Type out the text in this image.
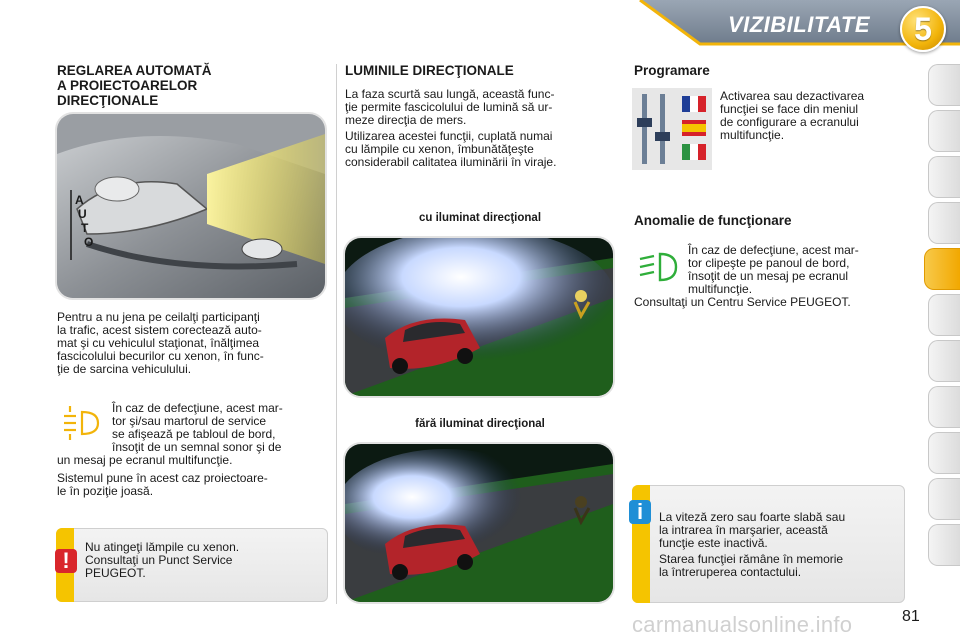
VIZIBILITATE	5
REGLAREA AUTOMATĂ
A PROIECTOARELOR
DIRECŢIONALE
A
U
T
O
Pentru a nu jena pe ceilalţi participanţi
la trafic, acest sistem corectează auto-
mat şi cu vehiculul staţionat, înălţimea
fascicolului becurilor cu xenon, în func-
ţie de sarcina vehiculului.
În caz de defecţiune, acest mar-
tor şi/sau martorul de service
se afişează pe tabloul de bord,
însoţit de un semnal sonor şi de
un mesaj pe ecranul multifuncţie.
Sistemul pune în acest caz proiectoare-
le în poziţie joasă.
!
Nu atingeţi lămpile cu xenon.
Consultaţi un Punct Service
PEUGEOT.
LUMINILE DIRECŢIONALE
La faza scurtă sau lungă, această func-
ţie permite fascicolului de lumină să ur-
meze direcţia de mers.
Utilizarea acestei funcţii, cuplată numai
cu lămpile cu xenon, îmbunătăţeşte
considerabil calitatea iluminării în viraje.
cu iluminat direcţional
fără iluminat direcţional
Programare
Activarea sau dezactivarea
funcţiei se face din meniul
de configurare a ecranului
multifuncţie.
Anomalie de funcţionare
În caz de defecţiune, acest mar-
tor clipeşte pe panoul de bord,
însoţit de un mesaj pe ecranul
multifuncţie.
Consultaţi un Centru Service PEUGEOT.
i	La viteză zero sau foarte slabă sau
la intrarea în marşarier, această
funcţie este inactivă.
Starea funcţiei rămâne în memorie
la întreruperea contactului.
carmanualsonline.info	81
